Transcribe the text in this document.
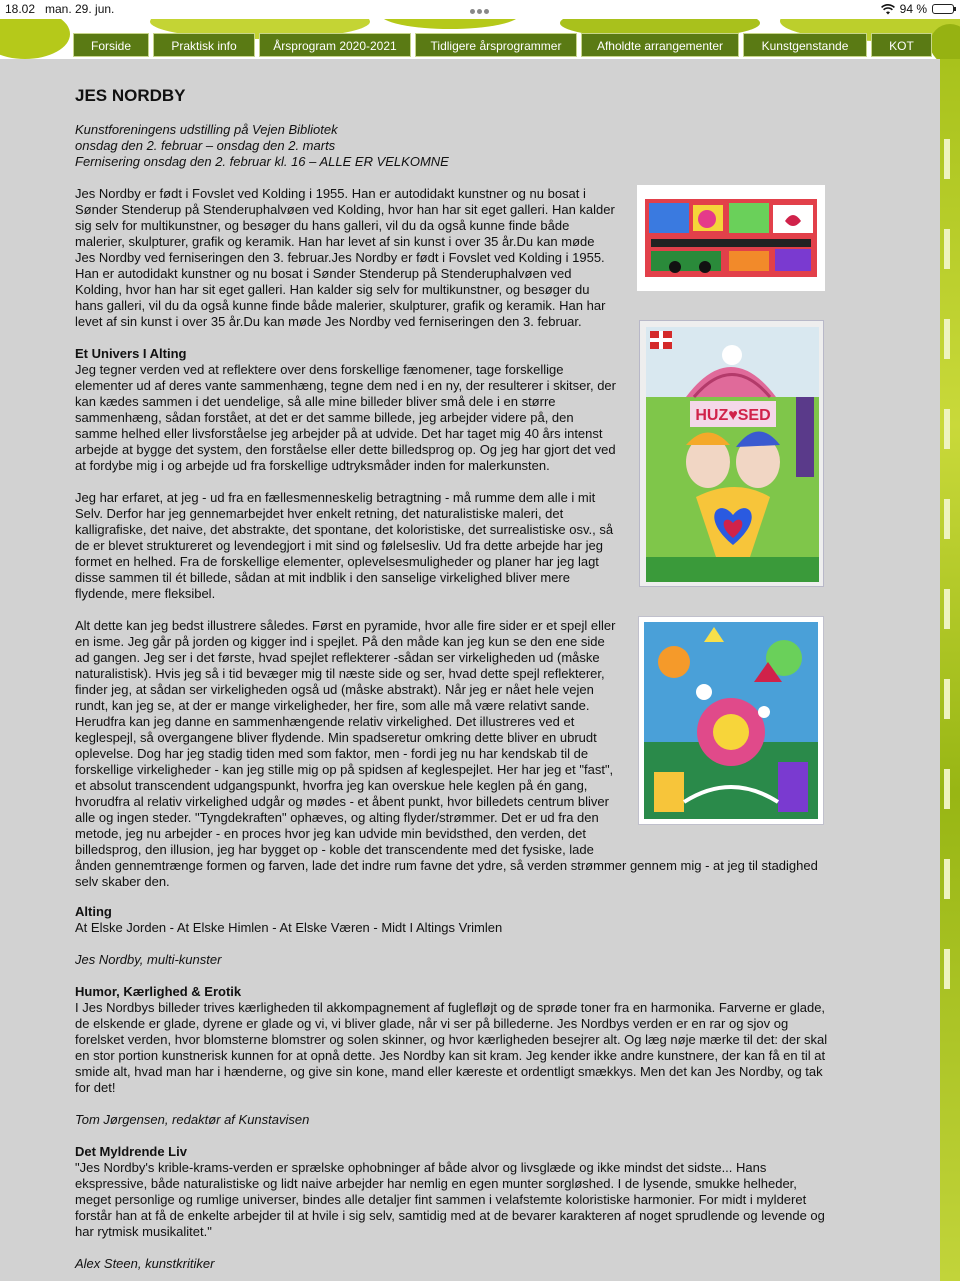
18.02 man. 29. jun.	94 %
Forside	Praktisk info	Årsprogram 2020-2021	Tidligere årsprogrammer	Afholdte arrangementer	Kunstgenstande	KOT
HUZ♥SED
JES NORDBY
Kunstforeningens udstilling på Vejen Bibliotek
onsdag den 2. februar – onsdag den 2. marts
Fernisering onsdag den 2. februar kl. 16 – ALLE ER VELKOMNE
Jes Nordby er født i Fovslet ved Kolding i 1955. Han er autodidakt kunstner og nu bosat i
Sønder Stenderup på Stenderuphalvøen ved Kolding, hvor han har sit eget galleri. Han kalder
sig selv for multikunstner, og besøger du hans galleri, vil du da også kunne finde både
malerier, skulpturer, grafik og keramik. Han har levet af sin kunst i over 35 år.Du kan møde
Jes Nordby ved ferniseringen den 3. februar.Jes Nordby er født i Fovslet ved Kolding i 1955.
Han er autodidakt kunstner og nu bosat i Sønder Stenderup på Stenderuphalvøen ved
Kolding, hvor han har sit eget galleri. Han kalder sig selv for multikunstner, og besøger du
hans galleri, vil du da også kunne finde både malerier, skulpturer, grafik og keramik. Han har
levet af sin kunst i over 35 år.Du kan møde Jes Nordby ved ferniseringen den 3. februar.
Et Univers I Alting
Jeg tegner verden ved at reflektere over dens forskellige fænomener, tage forskellige
elementer ud af deres vante sammenhæng, tegne dem ned i en ny, der resulterer i skitser, der
kan kædes sammen i det uendelige, så alle mine billeder bliver små dele i en større
sammenhæng, sådan forstået, at det er det samme billede, jeg arbejder videre på, den
samme helhed eller livsforståelse jeg arbejder på at udvide. Det har taget mig 40 års intenst
arbejde at bygge det system, den forståelse eller dette billedsprog op. Og jeg har gjort det ved
at fordybe mig i og arbejde ud fra forskellige udtryksmåder inden for malerkunsten.
Jeg har erfaret, at jeg - ud fra en fællesmenneskelig betragtning - må rumme dem alle i mit
Selv. Derfor har jeg gennemarbejdet hver enkelt retning, det naturalistiske maleri, det
kalligrafiske, det naive, det abstrakte, det spontane, det koloristiske, det surrealistiske osv., så
de er blevet struktureret og levendegjort i mit sind og følelsesliv. Ud fra dette arbejde har jeg
formet en helhed. Fra de forskellige elementer, oplevelsesmuligheder og planer har jeg lagt
disse sammen til ét billede, sådan at mit indblik i den sanselige virkelighed bliver mere
flydende, mere fleksibel.
Alt dette kan jeg bedst illustrere således. Først en pyramide, hvor alle fire sider er et spejl eller
en isme. Jeg går på jorden og kigger ind i spejlet. På den måde kan jeg kun se den ene side
ad gangen. Jeg ser i det første, hvad spejlet reflekterer -sådan ser virkeligheden ud (måske
naturalistisk). Hvis jeg så i tid bevæger mig til næste side og ser, hvad dette spejl reflekterer,
finder jeg, at sådan ser virkeligheden også ud (måske abstrakt). Når jeg er nået hele vejen
rundt, kan jeg se, at der er mange virkeligheder, her fire, som alle må være relativt sande.
Herudfra kan jeg danne en sammenhængende relativ virkelighed. Det illustreres ved et
keglespejl, så overgangene bliver flydende. Min spadseretur omkring dette bliver en ubrudt
oplevelse. Dog har jeg stadig tiden med som faktor, men - fordi jeg nu har kendskab til de
forskellige virkeligheder - kan jeg stille mig op på spidsen af keglespejlet. Her har jeg et "fast",
et absolut transcendent udgangspunkt, hvorfra jeg kan overskue hele keglen på én gang,
hvorudfra al relativ virkelighed udgår og mødes - et åbent punkt, hvor billedets centrum bliver
alle og ingen steder. "Tyngdekraften" ophæves, og alting flyder/strømmer. Det er ud fra den
metode, jeg nu arbejder - en proces hvor jeg kan udvide min bevidsthed, den verden, det
billedsprog, den illusion, jeg har bygget op - koble det transcendente med det fysiske, lade
ånden gennemtrænge formen og farven, lade det indre rum favne det ydre, så verden strømmer gennem mig - at jeg til stadighed
selv skaber den.
Alting
At Elske Jorden - At Elske Himlen - At Elske Væren - Midt I Altings Vrimlen
Jes Nordby, multi-kunster
Humor, Kærlighed & Erotik
I Jes Nordbys billeder trives kærligheden til akkompagnement af fuglefløjt og de sprøde toner fra en harmonika. Farverne er glade,
de elskende er glade, dyrene er glade og vi, vi bliver glade, når vi ser på billederne. Jes Nordbys verden er en rar og sjov og
forelsket verden, hvor blomsterne blomstrer og solen skinner, og hvor kærligheden besejrer alt. Og læg nøje mærke til det: der skal
en stor portion kunstnerisk kunnen for at opnå dette. Jes Nordby kan sit kram. Jeg kender ikke andre kunstnere, der kan få en til at
smide alt, hvad man har i hænderne, og give sin kone, mand eller kæreste et ordentligt smækkys. Men det kan Jes Nordby, og tak
for det!
Tom Jørgensen, redaktør af Kunstavisen
Det Myldrende Liv
"Jes Nordby's krible-krams-verden er sprælske ophobninger af både alvor og livsglæde og ikke mindst det sidste... Hans
ekspressive, både naturalistiske og lidt naive arbejder har nemlig en egen munter sorgløshed. I de lysende, smukke helheder,
meget personlige og rumlige universer, bindes alle detaljer fint sammen i velafstemte koloristiske harmonier. For midt i mylderet
forstår han at få de enkelte arbejder til at hvile i sig selv, samtidig med at de bevarer karakteren af noget sprudlende og levende og
har rytmisk musikalitet."
Alex Steen, kunstkritiker
